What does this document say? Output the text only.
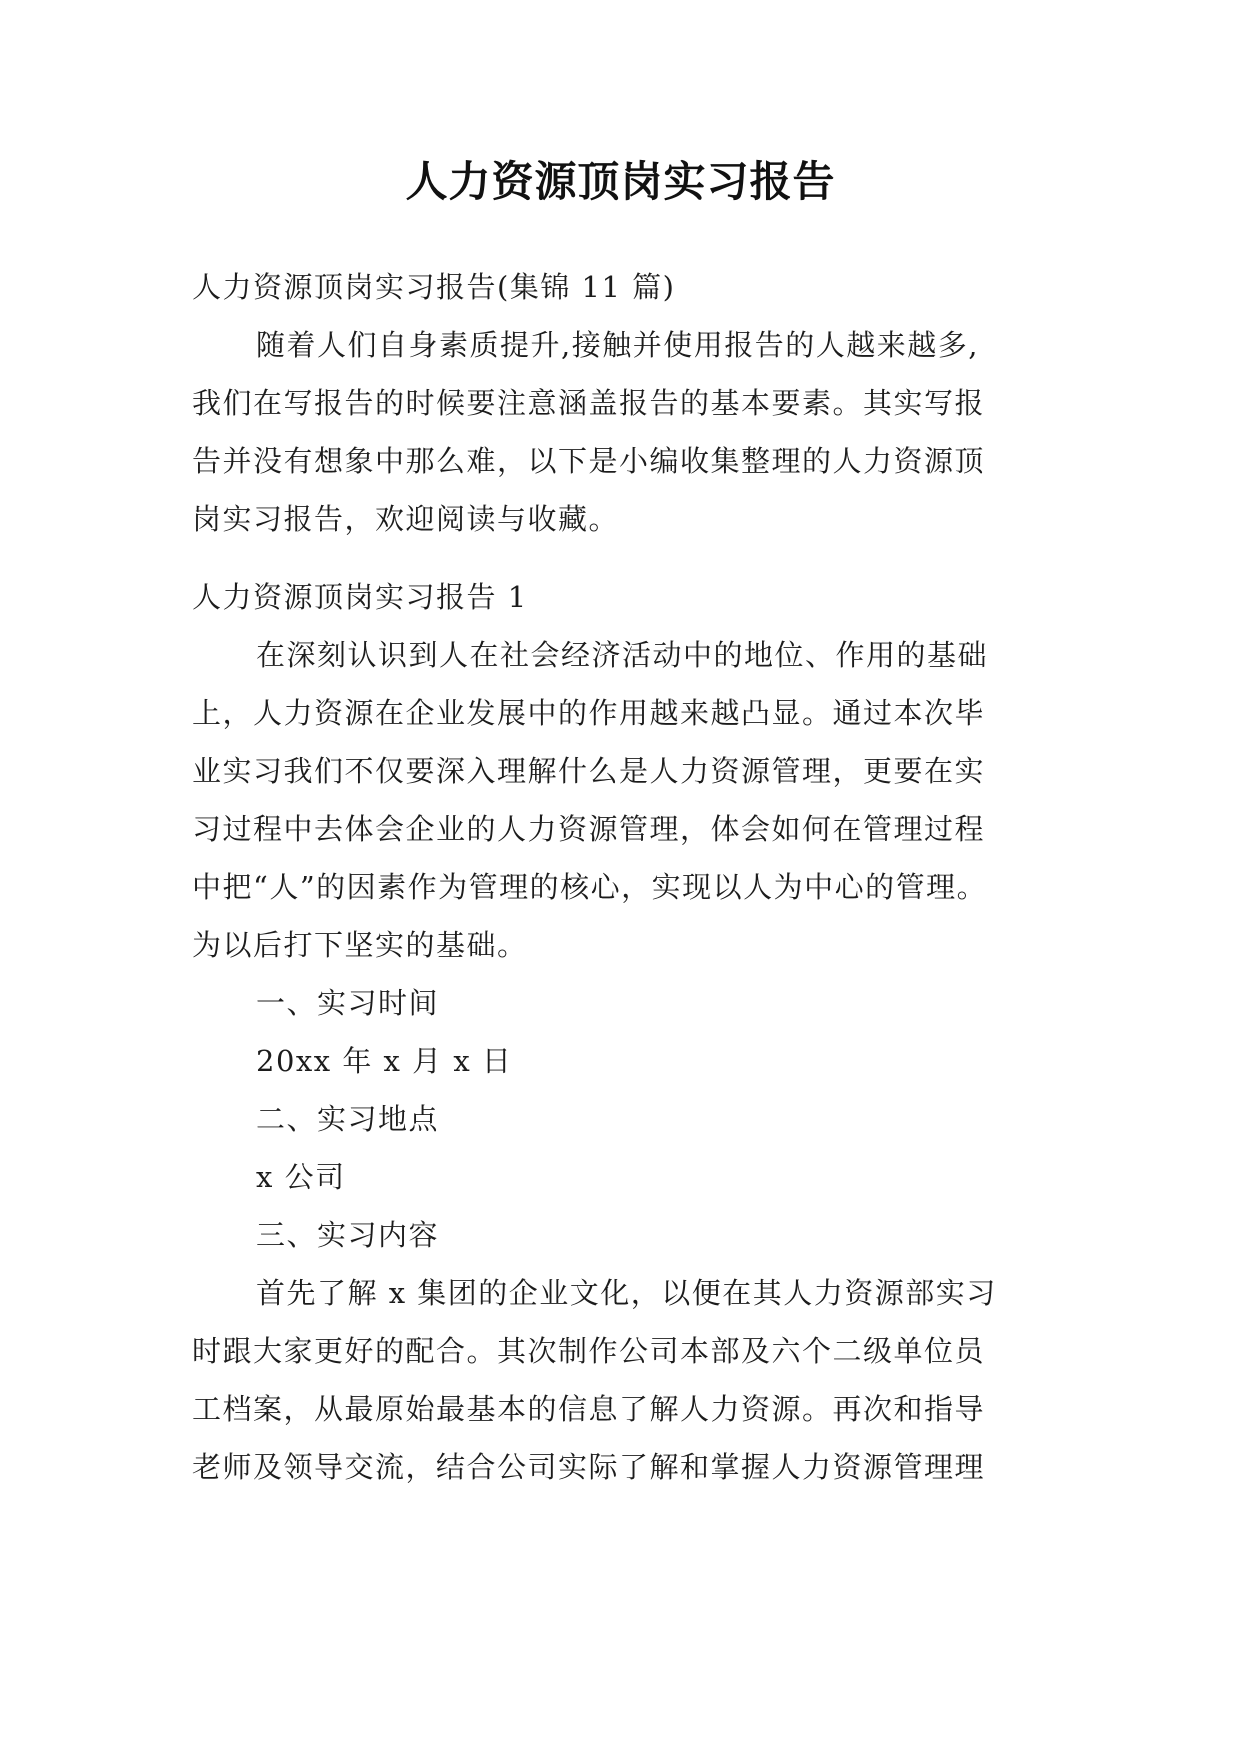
人力资源顶岗实习报告
人力资源顶岗实习报告(集锦 11 篇)
随着人们自身素质提升,接触并使用报告的人越来越多,
我们在写报告的时候要注意涵盖报告的基本要素。其实写报
告并没有想象中那么难，以下是小编收集整理的人力资源顶
岗实习报告，欢迎阅读与收藏。
人力资源顶岗实习报告 1
在深刻认识到人在社会经济活动中的地位、作用的基础
上，人力资源在企业发展中的作用越来越凸显。通过本次毕
业实习我们不仅要深入理解什么是人力资源管理，更要在实
习过程中去体会企业的人力资源管理，体会如何在管理过程
中把“人”的因素作为管理的核心，实现以人为中心的管理。
为以后打下坚实的基础。
一、实习时间
20xx 年 x 月 x 日
二、实习地点
x 公司
三、实习内容
首先了解 x 集团的企业文化，以便在其人力资源部实习
时跟大家更好的配合。其次制作公司本部及六个二级单位员
工档案，从最原始最基本的信息了解人力资源。再次和指导
老师及领导交流，结合公司实际了解和掌握人力资源管理理
